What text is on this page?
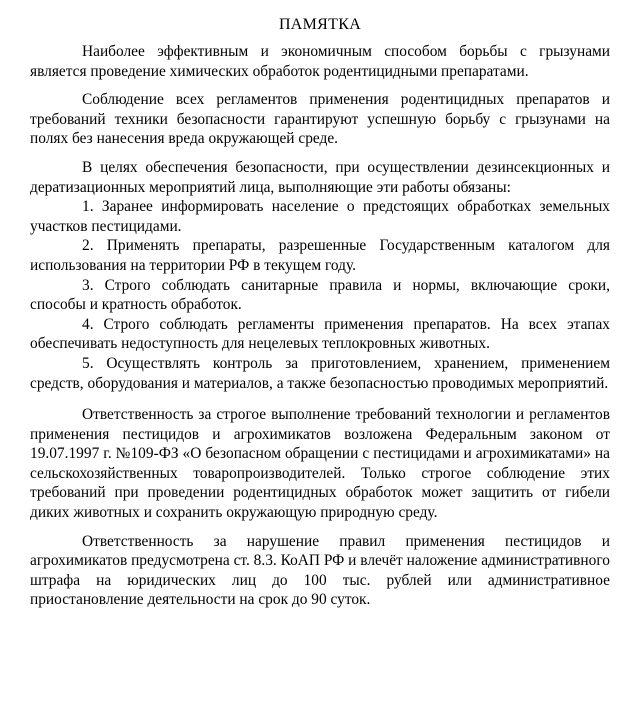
ПАМЯТКА

Наиболее эффективным и экономичным способом борьбы с грызунами является проведение химических обработок родентицидными препаратами.

Соблюдение всех регламентов применения родентицидных препаратов и требований техники безопасности гарантируют успешную борьбу с грызунами на полях без нанесения вреда окружающей среде.

В целях обеспечения безопасности, при осуществлении дезинсекционных и дератизационных мероприятий лица, выполняющие эти работы обязаны:

1. Заранее информировать население о предстоящих обработках земельных участков пестицидами.

2. Применять препараты, разрешенные Государственным каталогом для использования на территории РФ в текущем году.

3. Строго соблюдать санитарные правила и нормы, включающие сроки, способы и кратность обработок.

4. Строго соблюдать регламенты применения препаратов. На всех этапах обеспечивать недоступность для нецелевых теплокровных животных.

5. Осуществлять контроль за приготовлением, хранением, применением средств, оборудования и материалов, а также безопасностью проводимых мероприятий.

Ответственность за строгое выполнение требований технологии и регламентов применения пестицидов и агрохимикатов возложена Федеральным законом от 19.07.1997 г. №109-ФЗ «О безопасном обращении с пестицидами и агрохимикатами» на сельскохозяйственных товаропроизводителей. Только строгое соблюдение этих требований при проведении родентицидных обработок может защитить от гибели диких животных и сохранить окружающую природную среду.

Ответственность за нарушение правил применения пестицидов и агрохимикатов предусмотрена ст. 8.3. КоАП РФ и влечёт наложение административного штрафа на юридических лиц до 100 тыс. рублей или административное приостановление деятельности на срок до 90 суток.
